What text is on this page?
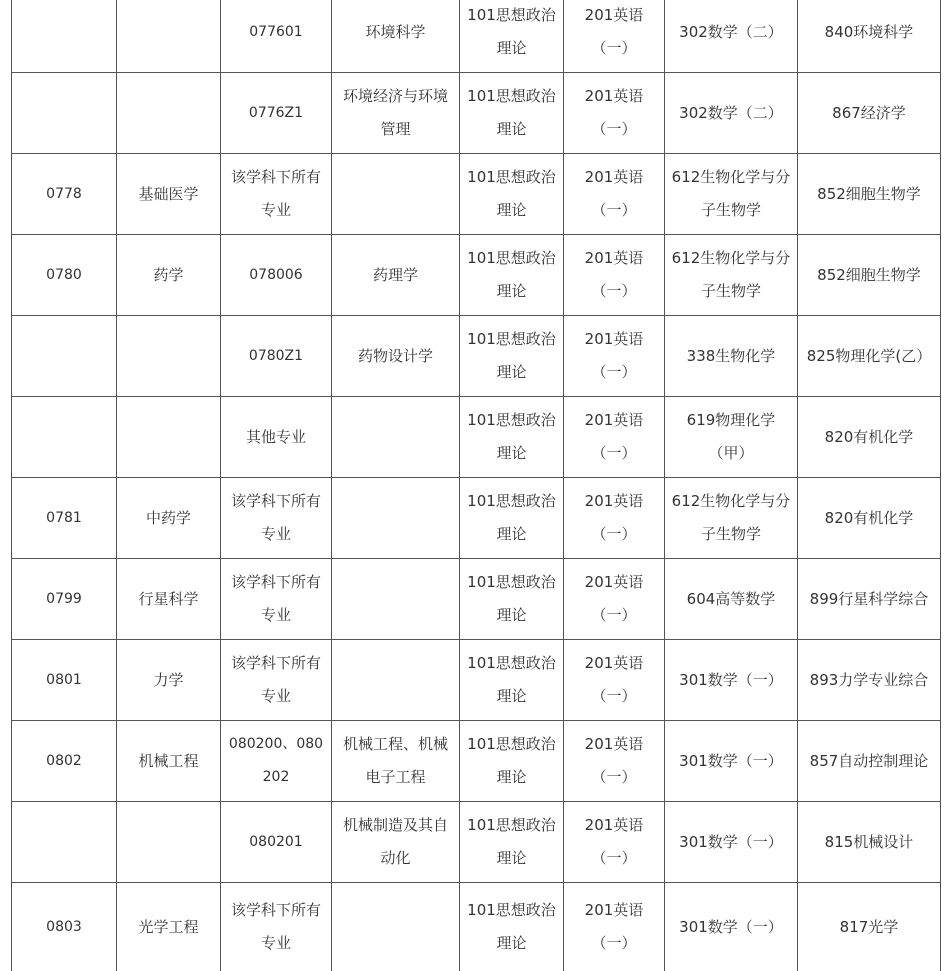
		077601	环境科学	101思想政治理论	201英语（一）	302数学（二）	840环境科学
		0776Z1	环境经济与环境管理	101思想政治理论	201英语（一）	302数学（二）	867经济学
0778	基础医学	该学科下所有专业		101思想政治理论	201英语（一）	612生物化学与分子生物学	852细胞生物学
0780	药学	078006	药理学	101思想政治理论	201英语（一）	612生物化学与分子生物学	852细胞生物学
		0780Z1	药物设计学	101思想政治理论	201英语（一）	338生物化学	825物理化学(乙）
		其他专业		101思想政治理论	201英语（一）	619物理化学（甲）	820有机化学
0781	中药学	该学科下所有专业		101思想政治理论	201英语（一）	612生物化学与分子生物学	820有机化学
0799	行星科学	该学科下所有专业		101思想政治理论	201英语（一）	604高等数学	899行星科学综合
0801	力学	该学科下所有专业		101思想政治理论	201英语（一）	301数学（一）	893力学专业综合
0802	机械工程	080200、080202	机械工程、机械电子工程	101思想政治理论	201英语（一）	301数学（一）	857自动控制理论
		080201	机械制造及其自动化	101思想政治理论	201英语（一）	301数学（一）	815机械设计
0803	光学工程	该学科下所有专业		101思想政治理论	201英语（一）	301数学（一）	817光学
